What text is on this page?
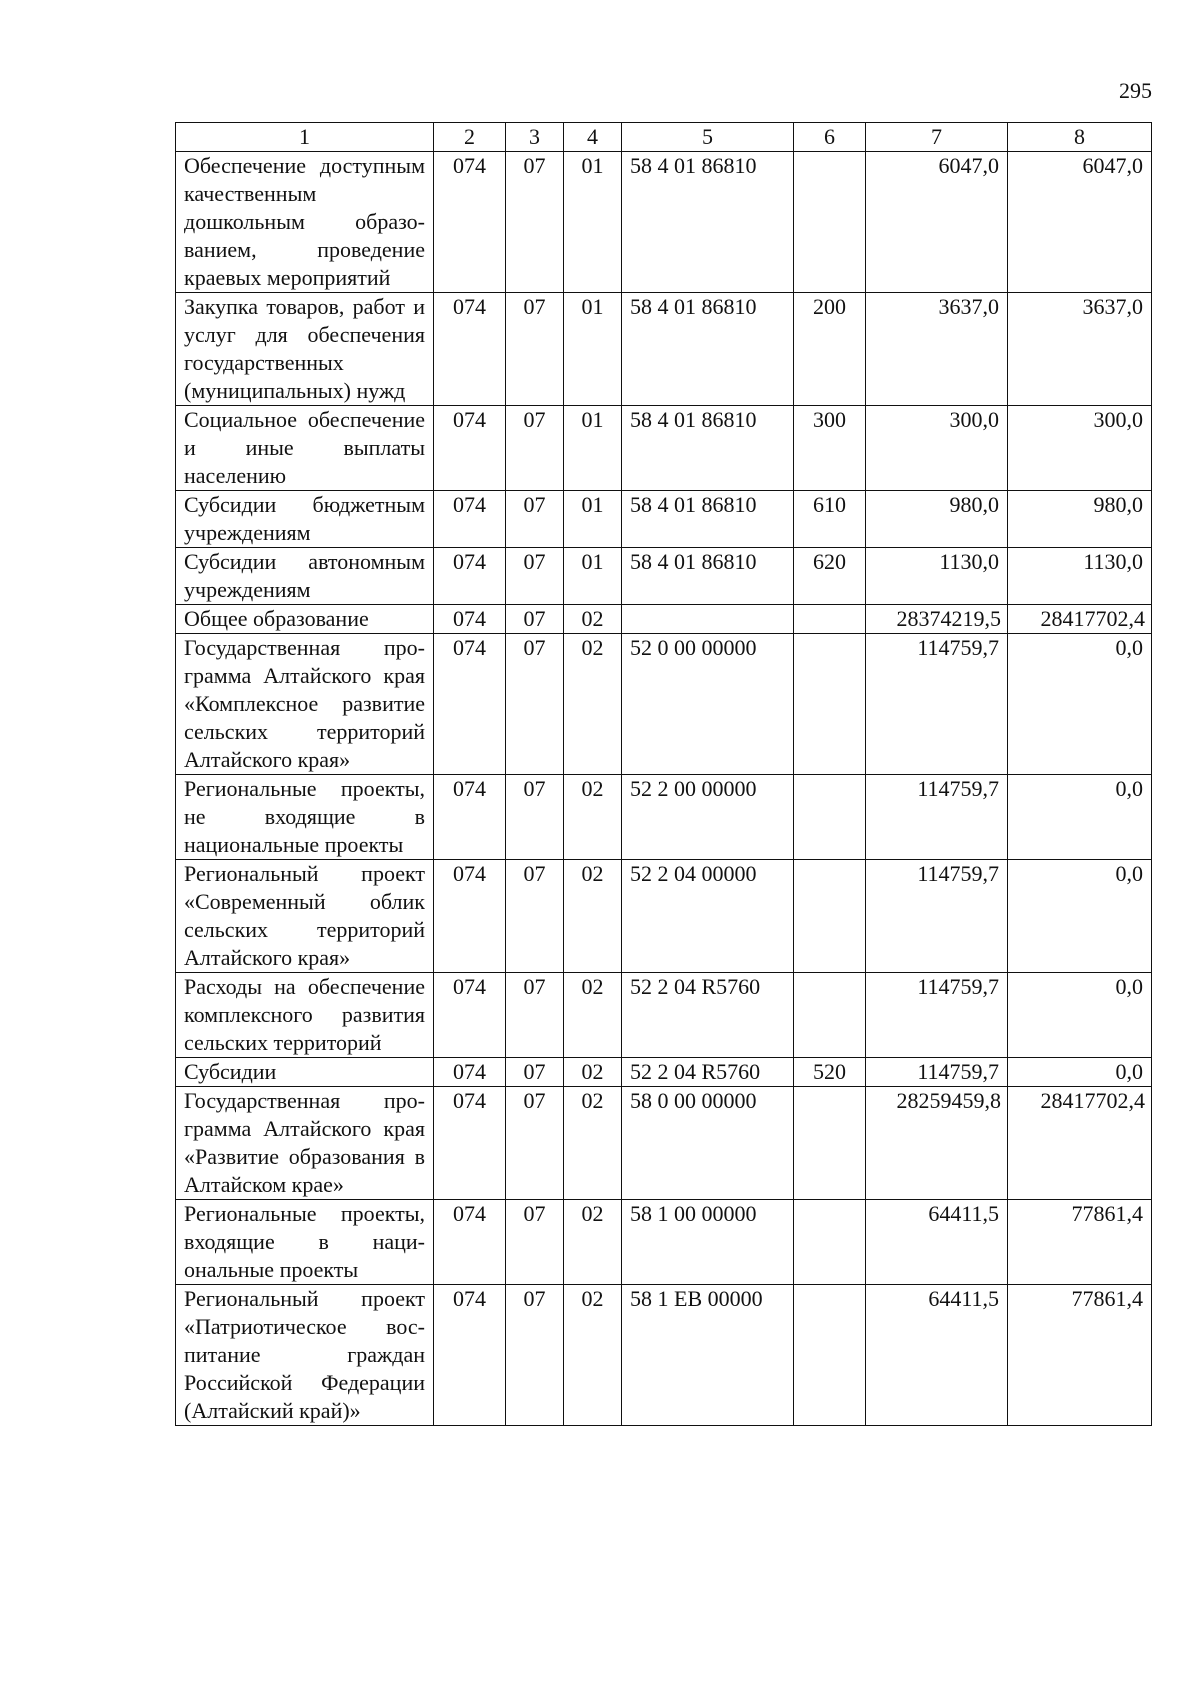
295
1	2	3	4	5	6	7	8
Обеспечение доступным качественным дошкольным образованием, проведение краевых мероприятий	074	07	01	58 4 01 86810		6047,0	6047,0
Закупка товаров, работ и услуг для обеспечения государственных (муниципальных) нужд	074	07	01	58 4 01 86810	200	3637,0	3637,0
Социальное обеспечение и иные выплаты населению	074	07	01	58 4 01 86810	300	300,0	300,0
Субсидии бюджетным учреждениям	074	07	01	58 4 01 86810	610	980,0	980,0
Субсидии автономным учреждениям	074	07	01	58 4 01 86810	620	1130,0	1130,0
Общее образование	074	07	02			28374219,5	28417702,4
Государственная программа Алтайского края «Комплексное развитие сельских территорий Алтайского края»	074	07	02	52 0 00 00000		114759,7	0,0
Региональные проекты, не входящие в национальные проекты	074	07	02	52 2 00 00000		114759,7	0,0
Региональный проект «Современный облик сельских территорий Алтайского края»	074	07	02	52 2 04 00000		114759,7	0,0
Расходы на обеспечение комплексного развития сельских территорий	074	07	02	52 2 04 R5760		114759,7	0,0
Субсидии	074	07	02	52 2 04 R5760	520	114759,7	0,0
Государственная программа Алтайского края «Развитие образования в Алтайском крае»	074	07	02	58 0 00 00000		28259459,8	28417702,4
Региональные проекты, входящие в национальные проекты	074	07	02	58 1 00 00000		64411,5	77861,4
Региональный проект «Патриотическое воспитание граждан Российской Федерации (Алтайский край)»	074	07	02	58 1 EB 00000		64411,5	77861,4
